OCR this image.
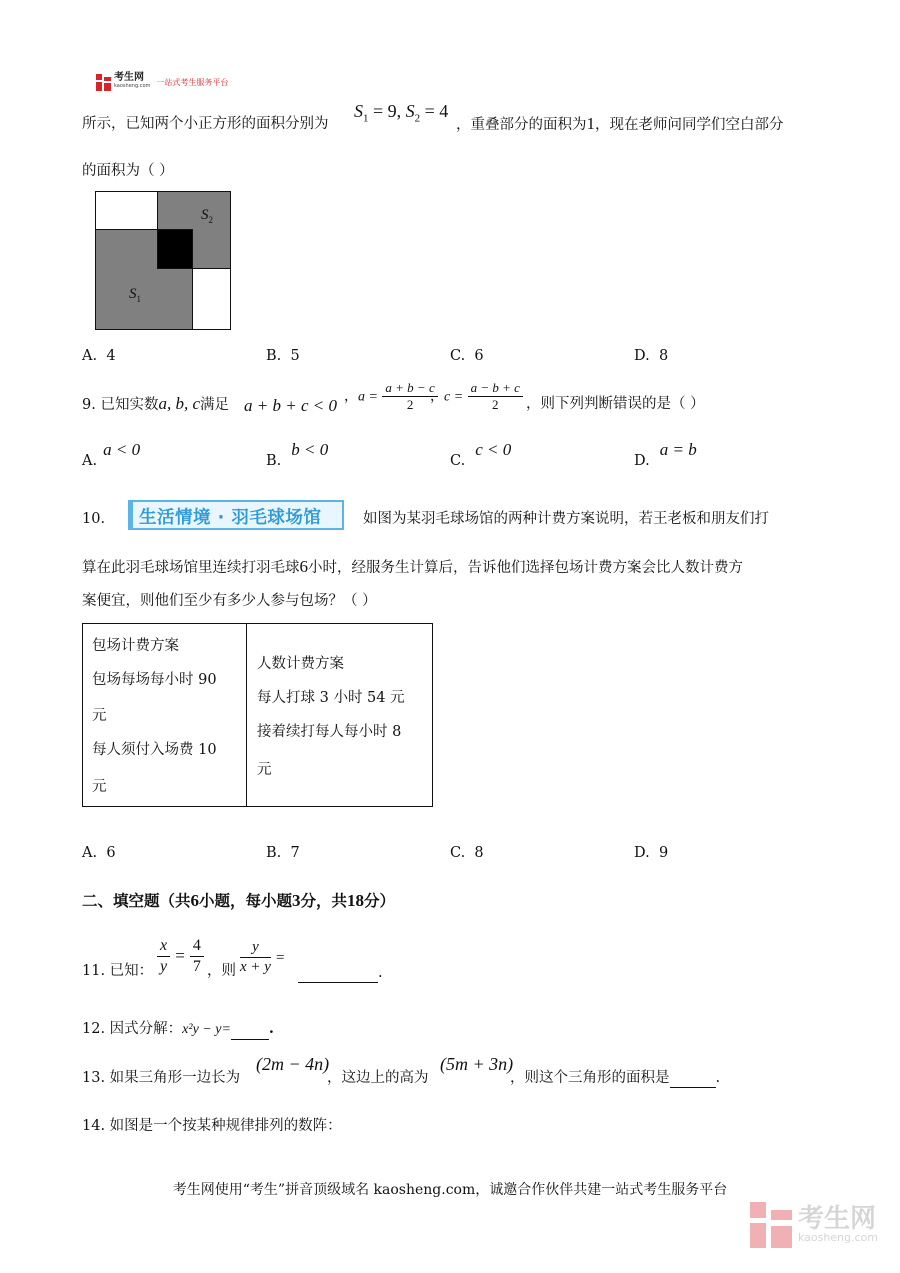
考生网
kaosheng.com 一站式考生服务平台
所示，已知两个小正方形的面积分别为
$S_1 = 9$, $S_2 = 4$
，重叠部分的面积为1，现在老师问同学们空白部分
的面积为（ ）
$S_2$
$S_1$
A. 4	B. 5	C. 6	D. 8
9. 已知实数a, b, c满足 a + b + c < 0 ，$a = \frac{a + b - c}{2}$
，$c = \frac{a - b + c}{2}$ ，则下列判断错误的是（ ）
A.a < 0
B.b < 0
C.c < 0
D.a = b
10. 生活情境 · 羽毛球场馆	如图为某羽毛球场馆的两种计费方案说明，若王老板和朋友们打
算在此羽毛球场馆里连续打羽毛球6小时，经服务生计算后，告诉他们选择包场计费方案会比人数计费方
案便宜，则他们至少有多少人参与包场？（ ）
包场计费方案
包场每场每小时 90
元
每人须付入场费 10
元
人数计费方案
每人打球 3 小时 54 元
接着续打每人每小时 8
元
A. 6	B. 7	C. 8	D. 9
二、填空题（共6小题，每小题3分，共18分）
11. 已知： $\frac{x}{y} = \frac{4}{7}$ ，则 $\frac{y}{x + y}$ =
.
12. 因式分解：x²y − y=	.
13. 如果三角形一边长为
(2m − 4n)
，这边上的高为
(5m + 3n)
，则这个三角形的面积是	.
14. 如图是一个按某种规律排列的数阵：
考生网使用“考生”拼音顶级域名 kaosheng.com，诚邀合作伙伴共建一站式考生服务平台
考生网
kaosheng.com
